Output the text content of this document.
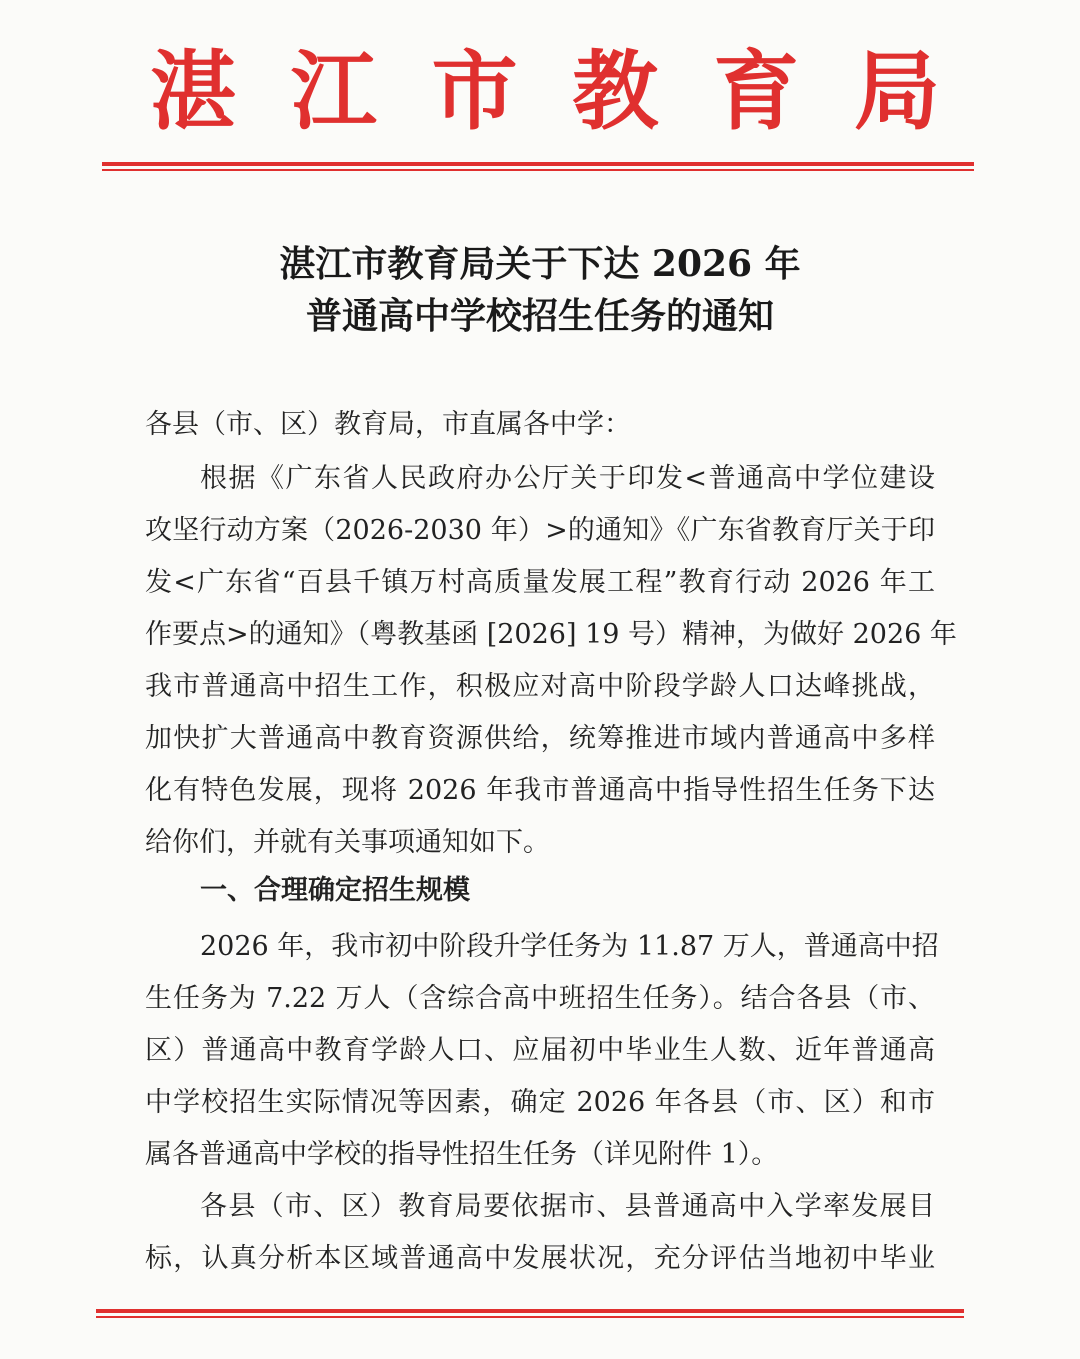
湛 江 市 教 育 局
湛江市教育局关于下达 2026 年
普通高中学校招生任务的通知
各县（市、区）教育局，市直属各中学：
根据《广东省人民政府办公厅关于印发<普通高中学位建设
攻坚行动方案（2026-2030 年）>的通知》《广东省教育厅关于印
发<广东省“百县千镇万村高质量发展工程”教育行动 2026 年工
作要点>的通知》（粤教基函 [2026] 19 号）精神，为做好 2026 年
我市普通高中招生工作，积极应对高中阶段学龄人口达峰挑战，
加快扩大普通高中教育资源供给，统筹推进市域内普通高中多样
化有特色发展，现将 2026 年我市普通高中指导性招生任务下达
给你们，并就有关事项通知如下。
一、合理确定招生规模
2026 年，我市初中阶段升学任务为 11.87 万人，普通高中招
生任务为 7.22 万人（含综合高中班招生任务）。结合各县（市、
区）普通高中教育学龄人口、应届初中毕业生人数、近年普通高
中学校招生实际情况等因素，确定 2026 年各县（市、区）和市
属各普通高中学校的指导性招生任务（详见附件 1）。
各县（市、区）教育局要依据市、县普通高中入学率发展目
标，认真分析本区域普通高中发展状况，充分评估当地初中毕业
